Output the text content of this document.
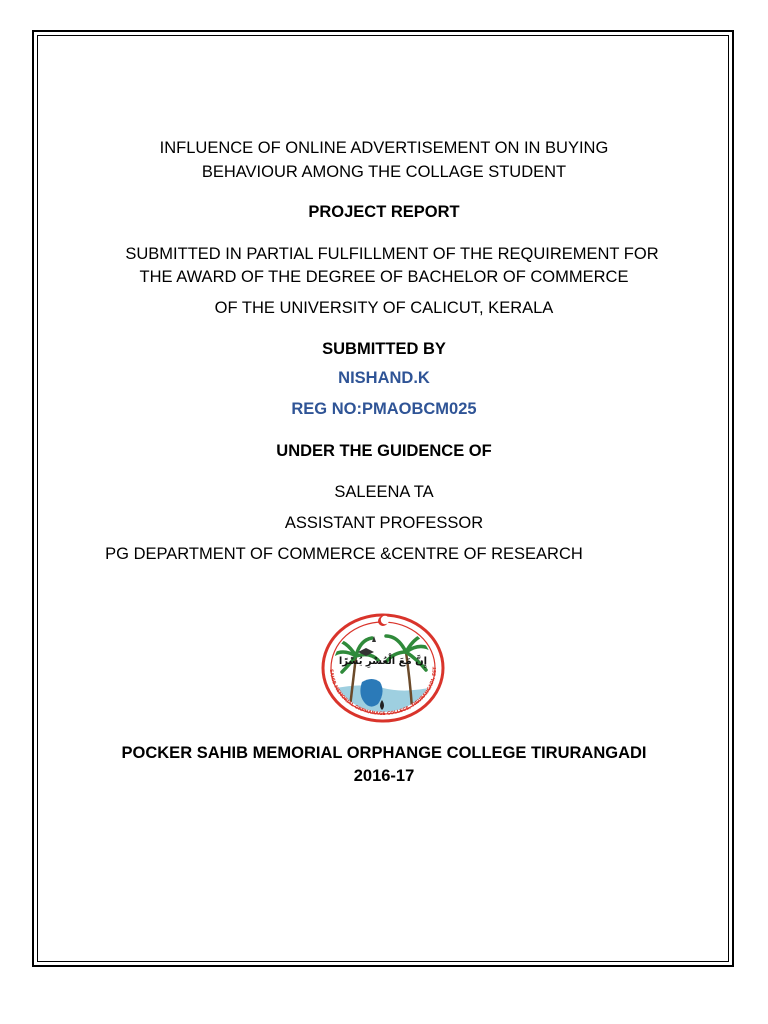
INFLUENCE OF ONLINE ADVERTISEMENT ON IN BUYING
BEHAVIOUR AMONG THE COLLAGE STUDENT
PROJECT REPORT
SUBMITTED IN PARTIAL FULFILLMENT OF THE REQUIREMENT FOR
THE AWARD OF THE DEGREE OF BACHELOR OF COMMERCE
OF THE UNIVERSITY OF CALICUT, KERALA
SUBMITTED BY
NISHAND.K
REG NO:PMAOBCM025
UNDER THE GUIDENCE OF
SALEENA TA
ASSISTANT PROFESSOR
PG DEPARTMENT OF COMMERCE &CENTRE OF RESEARCH
إِنَّ مَعَ الْعُسْرِ يُسْرًا
SAHIB MEMORIAL ORPHANAGE COLLEGE, TIRURANGADI, EST
POCKER SAHIB MEMORIAL ORPHANGE COLLEGE TIRURANGADI
2016-17
